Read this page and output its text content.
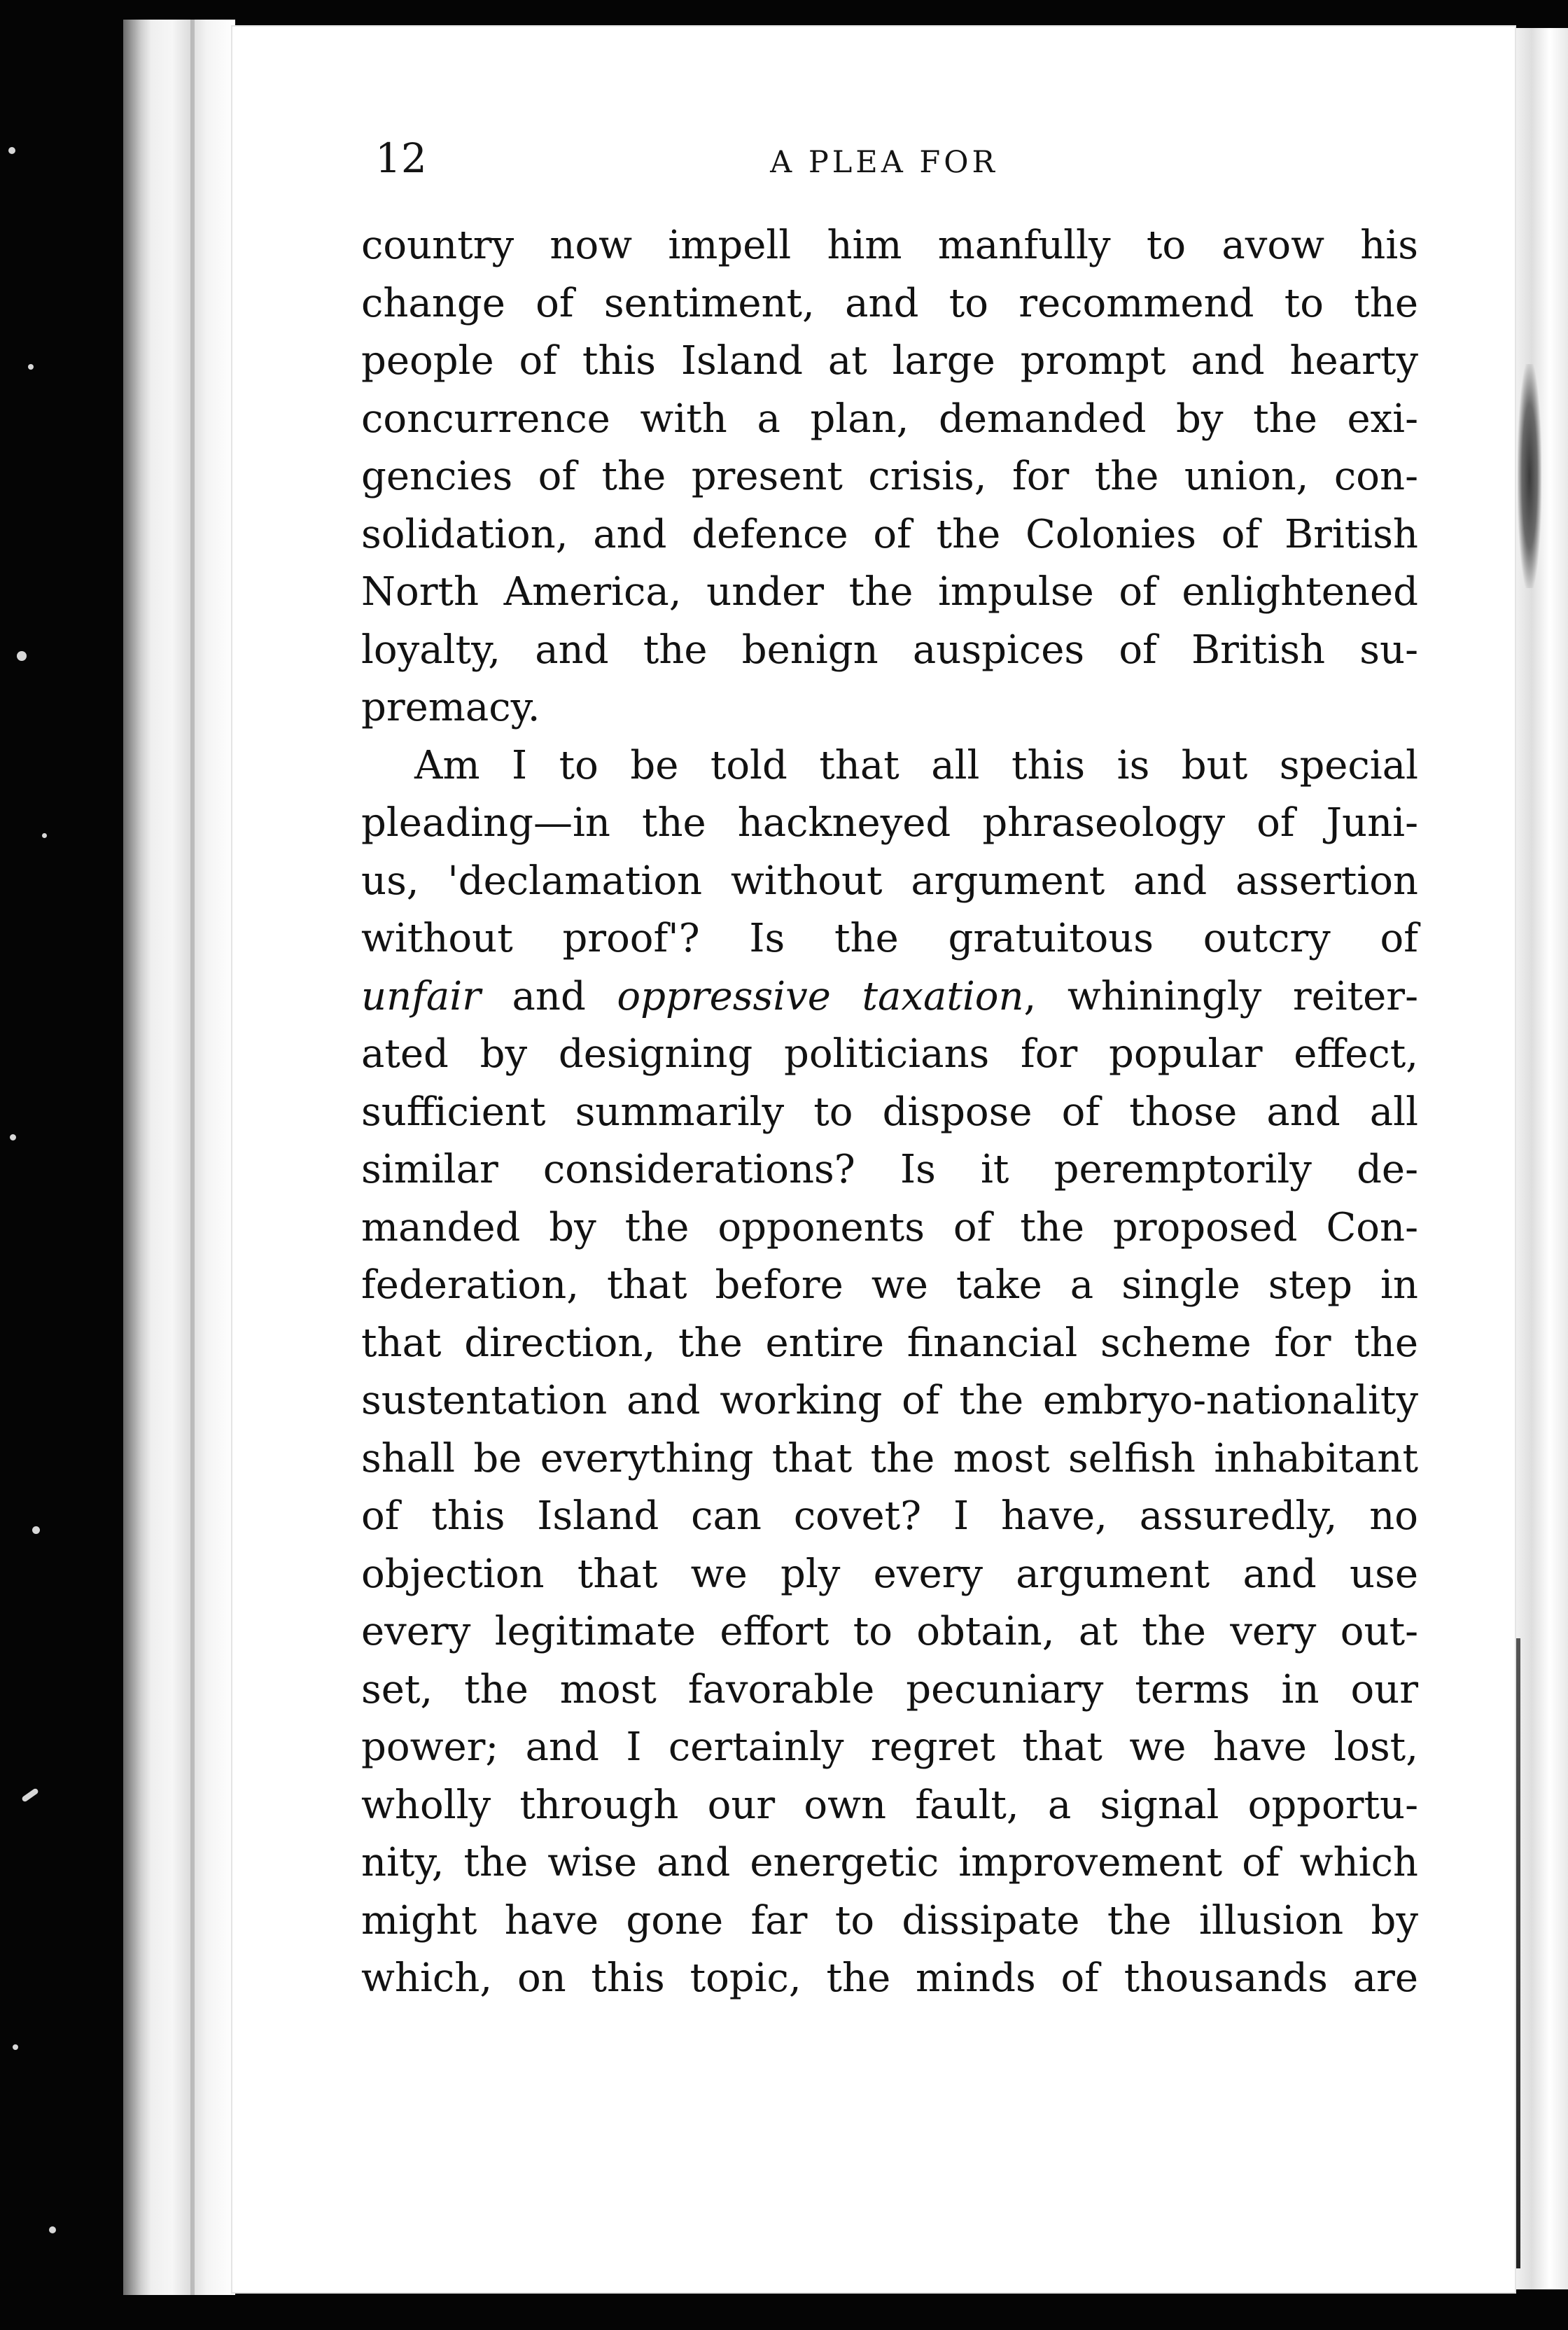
12	A PLEA FOR

country now impell him manfully to avow his
change of sentiment, and to recommend to the
people of this Island at large prompt and hearty
concurrence with a plan, demanded by the exi-
gencies of the present crisis, for the union, con-
solidation, and defence of the Colonies of British
North America, under the impulse of enlightened
loyalty, and the benign auspices of British su-
premacy.
Am I to be told that all this is but special
pleading—in the hackneyed phraseology of Juni-
us, 'declamation without argument and assertion
without proof'? Is the gratuitous outcry of
unfair and oppressive taxation, whiningly reiter-
ated by designing politicians for popular effect,
sufficient summarily to dispose of those and all
similar considerations? Is it peremptorily de-
manded by the opponents of the proposed Con-
federation, that before we take a single step in
that direction, the entire financial scheme for the
sustentation and working of the embryo-nationality
shall be everything that the most selfish inhabitant
of this Island can covet? I have, assuredly, no
objection that we ply every argument and use
every legitimate effort to obtain, at the very out-
set, the most favorable pecuniary terms in our
power; and I certainly regret that we have lost,
wholly through our own fault, a signal opportu-
nity, the wise and energetic improvement of which
might have gone far to dissipate the illusion by
which, on this topic, the minds of thousands are
